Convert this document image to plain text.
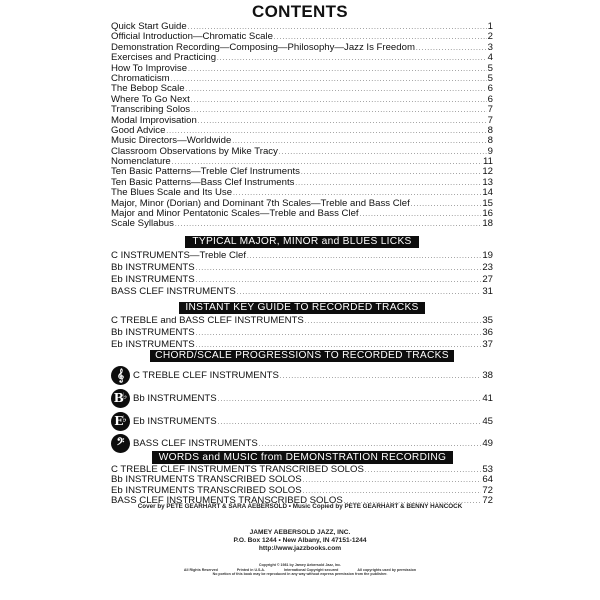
CONTENTS
Quick Start Guide .....	1
Official Introduction—Chromatic Scale .....	2
Demonstration Recording—Composing—Philosophy—Jazz Is Freedom .....	3
Exercises and Practicing .....	4
How To Improvise .....	5
Chromaticism .....	5
The Bebop Scale .....	6
Where To Go Next .....	6
Transcribing Solos .....	7
Modal Improvisation .....	7
Good Advice .....	8
Music Directors—Worldwide .....	8
Classroom Observations by Mike Tracy .....	9
Nomenclature .....	11
Ten Basic Patterns—Treble Clef Instruments .....	12
Ten Basic Patterns—Bass Clef Instruments .....	13
The Blues Scale and Its Use .....	14
Major, Minor (Dorian) and Dominant 7th Scales—Treble and Bass Clef .....	15
Major and Minor Pentatonic Scales—Treble and Bass Clef .....	16
Scale Syllabus .....	18
TYPICAL MAJOR, MINOR and BLUES LICKS
C INSTRUMENTS—Treble Clef .....	19
Bb INSTRUMENTS .....	23
Eb INSTRUMENTS .....	27
BASS CLEF INSTRUMENTS .....	31
INSTANT KEY GUIDE TO RECORDED TRACKS
C TREBLE and BASS CLEF INSTRUMENTS .....	35
Bb INSTRUMENTS .....	36
Eb INSTRUMENTS .....	37
CHORD/SCALE PROGRESSIONS TO RECORDED TRACKS
𝄞 C TREBLE CLEF INSTRUMENTS .....	38
B ♭ Bb INSTRUMENTS .....	41
E ♭ Eb INSTRUMENTS .....	45
𝄢 BASS CLEF INSTRUMENTS .....	49
WORDS and MUSIC from DEMONSTRATION RECORDING
C TREBLE CLEF INSTRUMENTS TRANSCRIBED SOLOS .....	53
Bb INSTRUMENTS TRANSCRIBED SOLOS .....	64
Eb INSTRUMENTS TRANSCRIBED SOLOS .....	72
BASS CLEF INSTRUMENTS TRANSCRIBED SOLOS .....	72
Cover by PETE GEARHART & SARA AEBERSOLD • Music Copied by PETE GEARHART & BENNY HANCOCK
JAMEY AEBERSOLD JAZZ, INC.
P.O. Box 1244 • New Albany, IN 47151-1244
http://www.jazzbooks.com
Copyright © 1981 by Jamey Aebersold Jazz, Inc.
All Rights Reserved	Printed in U.S.A.	International Copyright secured	All copyrights used by permission
No portion of this book may be reproduced in any way without express permission from the publisher.
